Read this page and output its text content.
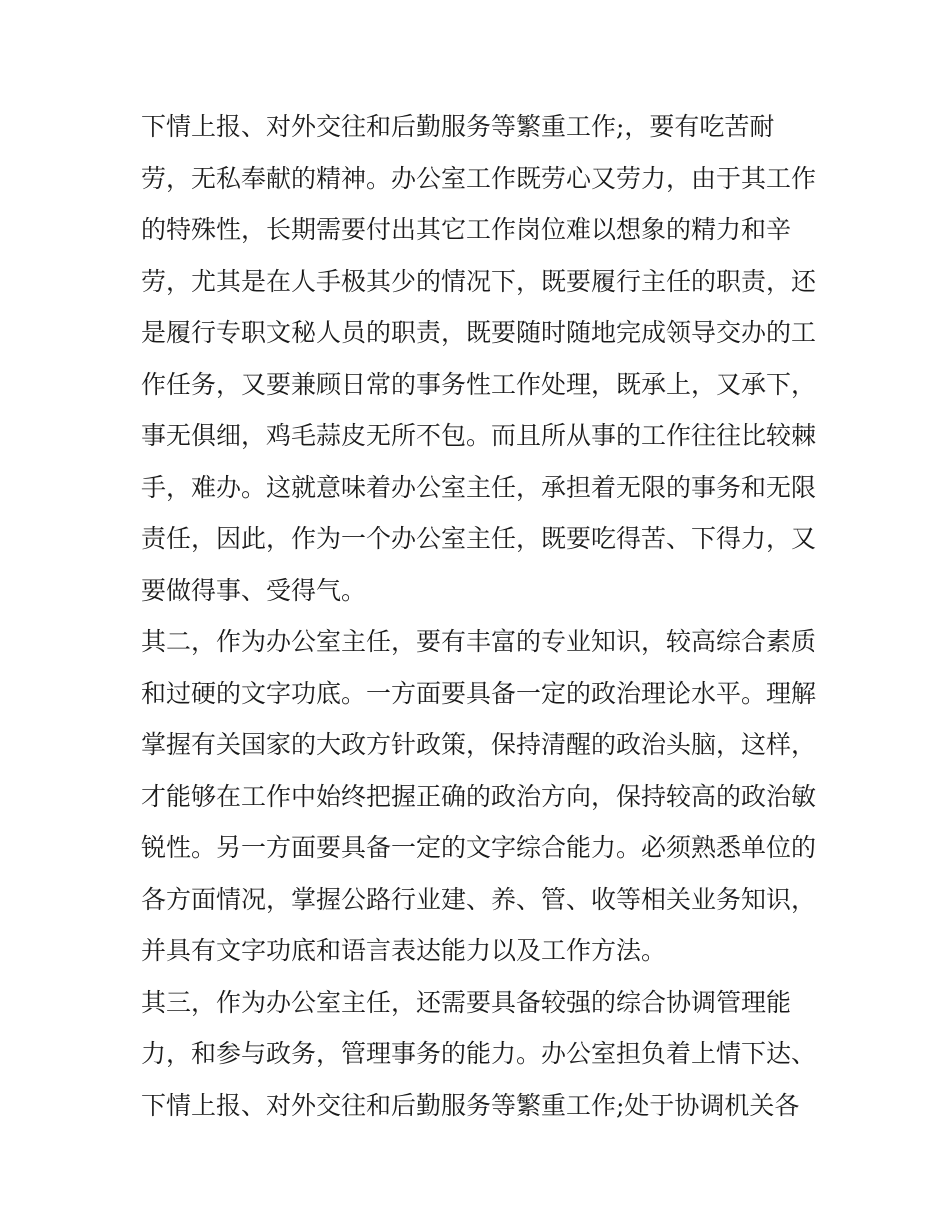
下情上报、对外交往和后勤服务等繁重工作;，要有吃苦耐
劳，无私奉献的精神。办公室工作既劳心又劳力，由于其工作
的特殊性，长期需要付出其它工作岗位难以想象的精力和辛
劳，尤其是在人手极其少的情况下，既要履行主任的职责，还
是履行专职文秘人员的职责，既要随时随地完成领导交办的工
作任务，又要兼顾日常的事务性工作处理，既承上，又承下，
事无俱细，鸡毛蒜皮无所不包。而且所从事的工作往往比较棘
手，难办。这就意味着办公室主任，承担着无限的事务和无限
责任，因此，作为一个办公室主任，既要吃得苦、下得力，又
要做得事、受得气。
其二，作为办公室主任，要有丰富的专业知识，较高综合素质
和过硬的文字功底。一方面要具备一定的政治理论水平。理解
掌握有关国家的大政方针政策，保持清醒的政治头脑，这样，
才能够在工作中始终把握正确的政治方向，保持较高的政治敏
锐性。另一方面要具备一定的文字综合能力。必须熟悉单位的
各方面情况，掌握公路行业建、养、管、收等相关业务知识，
并具有文字功底和语言表达能力以及工作方法。
其三，作为办公室主任，还需要具备较强的综合协调管理能
力，和参与政务，管理事务的能力。办公室担负着上情下达、
下情上报、对外交往和后勤服务等繁重工作;处于协调机关各
